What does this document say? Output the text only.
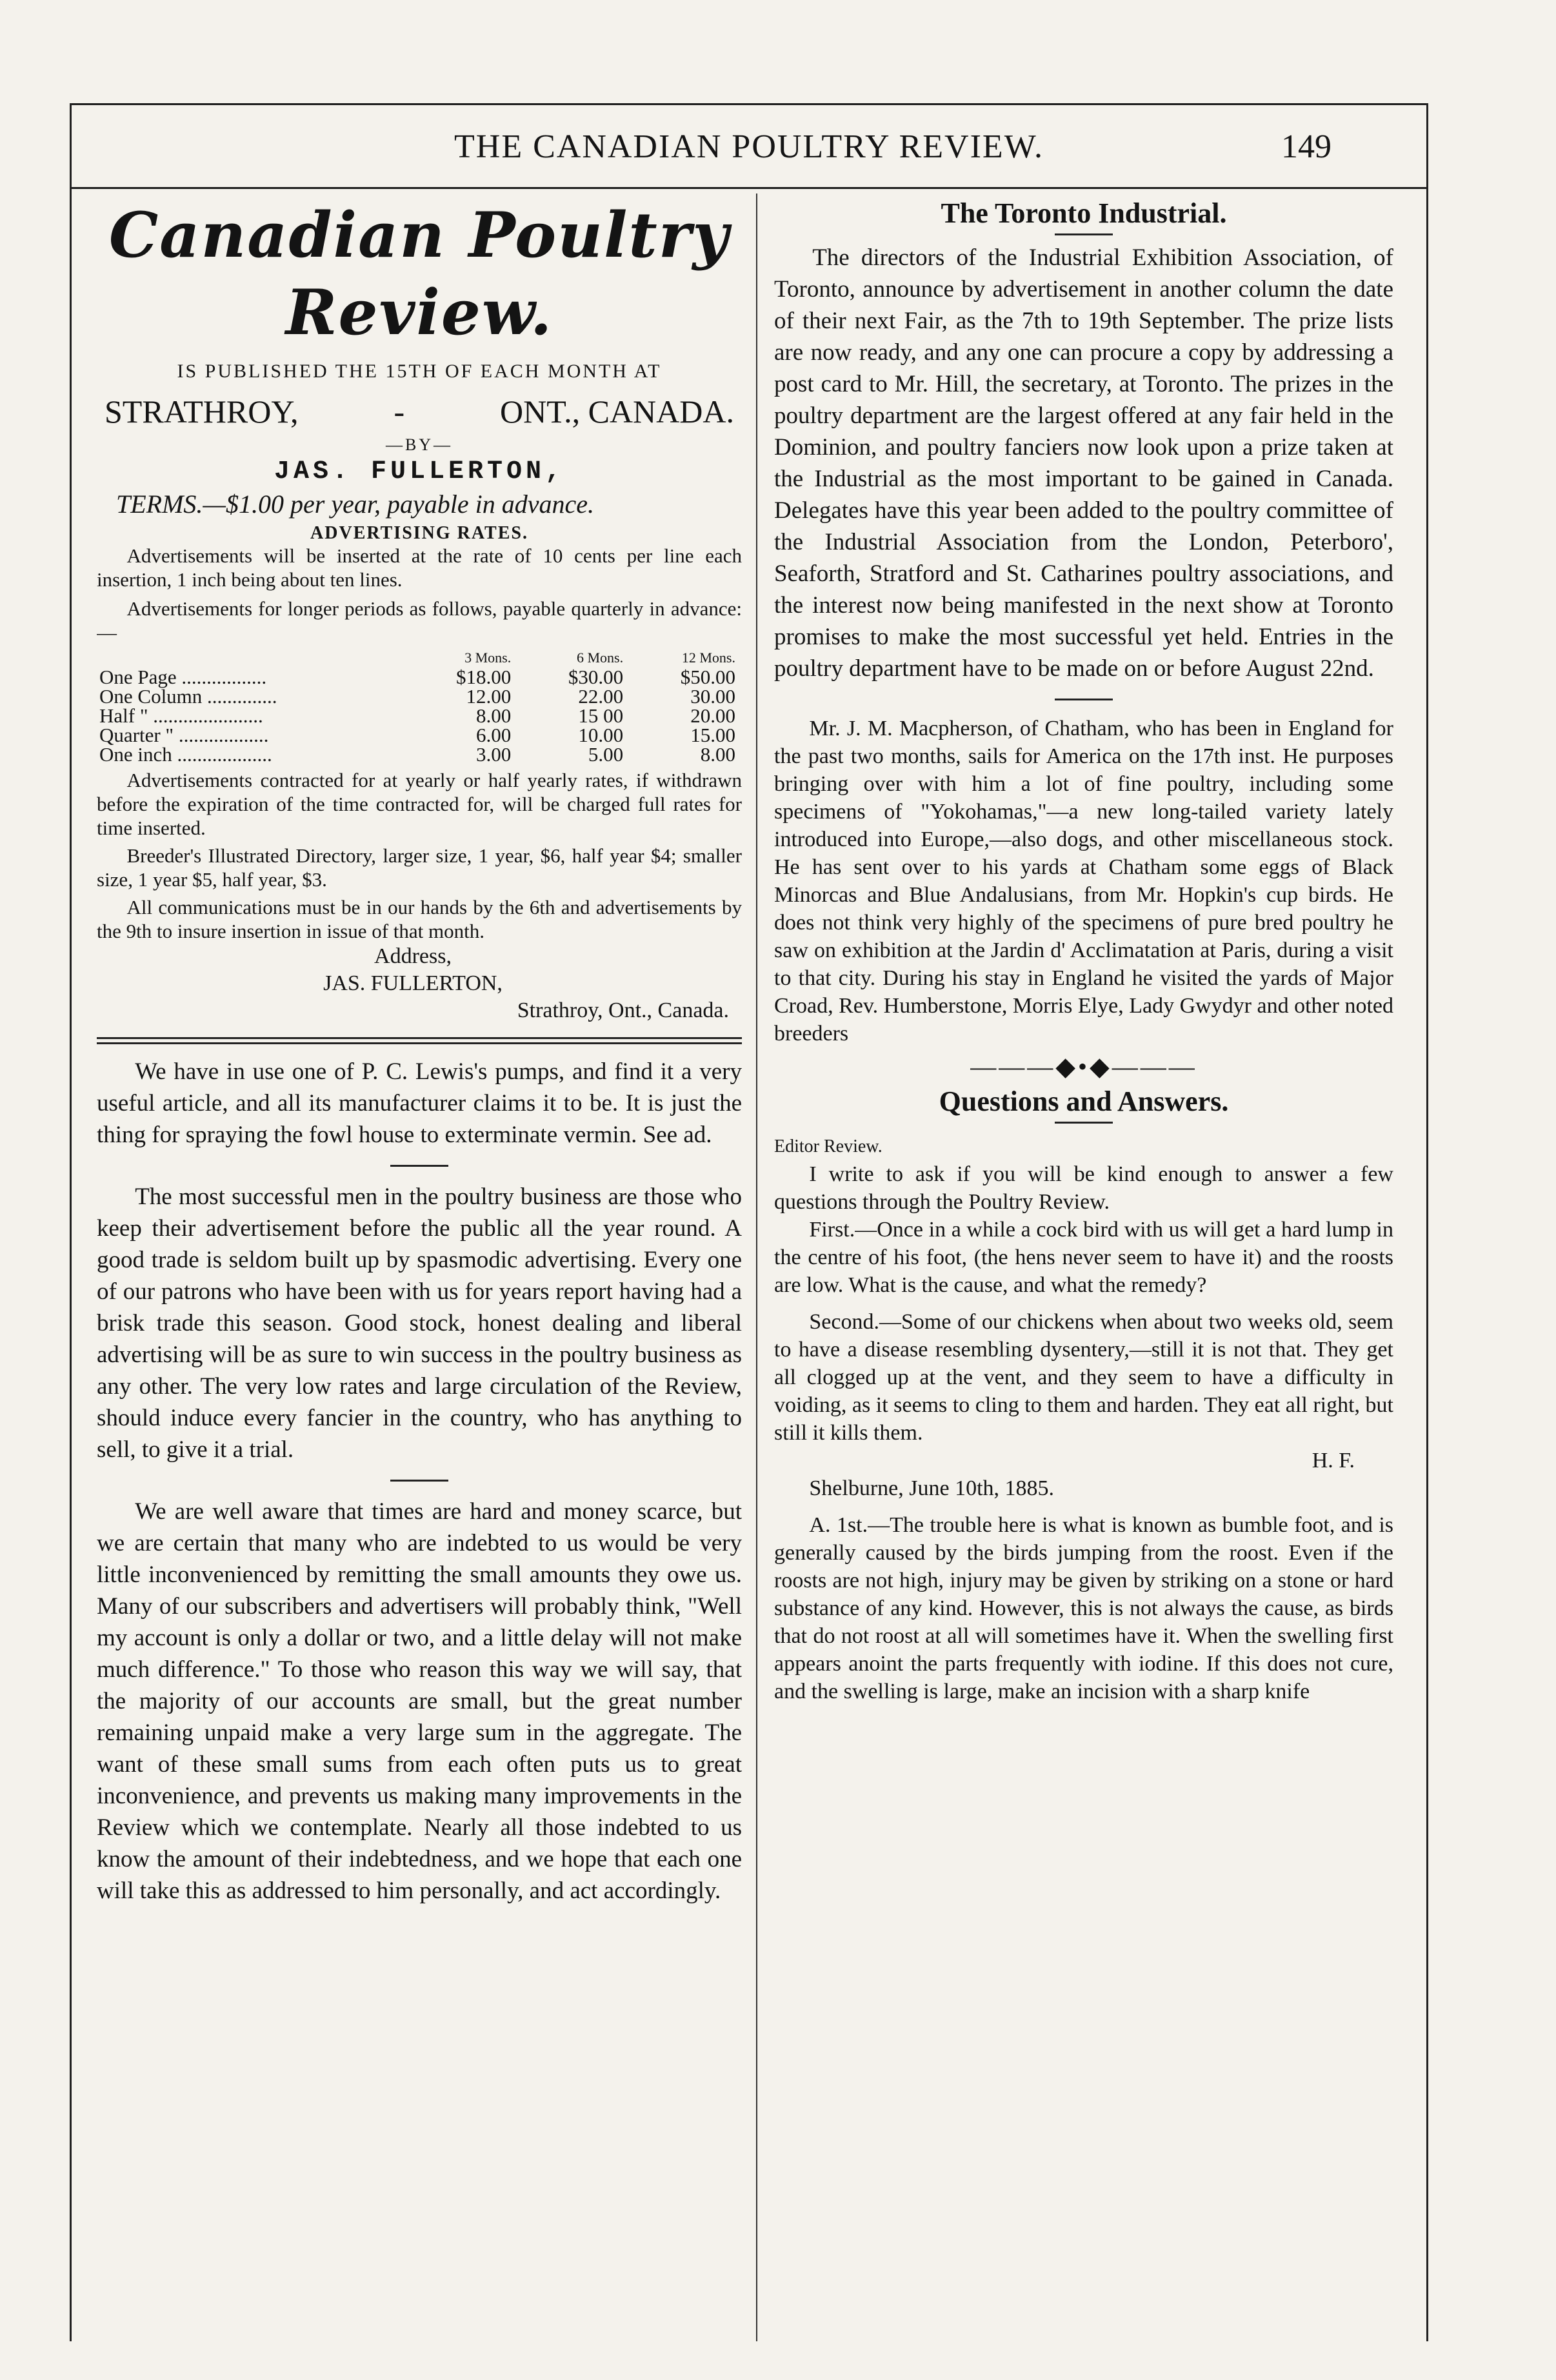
THE CANADIAN POULTRY REVIEW.	149
Canadian Poultry Review.
IS PUBLISHED THE 15TH OF EACH MONTH AT
STRATHROY,	-	ONT., CANADA.
—BY—
JAS. FULLERTON,
TERMS.—$1.00 per year, payable in advance.
ADVERTISING RATES.

Advertisements will be inserted at the rate of 10 cents per line each insertion, 1 inch being about ten lines.

Advertisements for longer periods as follows, payable quarterly in advance:—

	3 Mons.	6 Mons.	12 Mons.
One Page .................	$18.00	$30.00	$50.00
One Column ..............	12.00	22.00	30.00
Half " ......................	8.00	15 00	20.00
Quarter " ..................	6.00	10.00	15.00
One inch ...................	3.00	5.00	8.00

Advertisements contracted for at yearly or half yearly rates, if withdrawn before the expiration of the time contracted for, will be charged full rates for time inserted.

Breeder's Illustrated Directory, larger size, 1 year, $6, half year $4; smaller size, 1 year $5, half year, $3.

All communications must be in our hands by the 6th and advertisements by the 9th to insure insertion in issue of that month.

Address,
JAS. FULLERTON,
Strathroy, Ont., Canada.

We have in use one of P. C. Lewis's pumps, and find it a very useful article, and all its manufacturer claims it to be. It is just the thing for spraying the fowl house to exterminate vermin. See ad.

The most successful men in the poultry business are those who keep their advertisement before the public all the year round. A good trade is seldom built up by spasmodic advertising. Every one of our patrons who have been with us for years report having had a brisk trade this season. Good stock, honest dealing and liberal advertising will be as sure to win success in the poultry business as any other. The very low rates and large circulation of the Review, should induce every fancier in the country, who has anything to sell, to give it a trial.

We are well aware that times are hard and money scarce, but we are certain that many who are indebted to us would be very little inconvenienced by remitting the small amounts they owe us. Many of our subscribers and advertisers will probably think, "Well my account is only a dollar or two, and a little delay will not make much difference." To those who reason this way we will say, that the majority of our accounts are small, but the great number remaining unpaid make a very large sum in the aggregate. The want of these small sums from each often puts us to great inconvenience, and prevents us making many improvements in the Review which we contemplate. Nearly all those indebted to us know the amount of their indebtedness, and we hope that each one will take this as addressed to him personally, and act accordingly.

The Toronto Industrial.

The directors of the Industrial Exhibition Association, of Toronto, announce by advertisement in another column the date of their next Fair, as the 7th to 19th September. The prize lists are now ready, and any one can procure a copy by addressing a post card to Mr. Hill, the secretary, at Toronto. The prizes in the poultry department are the largest offered at any fair held in the Dominion, and poultry fanciers now look upon a prize taken at the Industrial as the most important to be gained in Canada. Delegates have this year been added to the poultry committee of the Industrial Association from the London, Peterboro', Seaforth, Stratford and St. Catharines poultry associations, and the interest now being manifested in the next show at Toronto promises to make the most successful yet held. Entries in the poultry department have to be made on or before August 22nd.

Mr. J. M. Macpherson, of Chatham, who has been in England for the past two months, sails for America on the 17th inst. He purposes bringing over with him a lot of fine poultry, including some specimens of "Yokohamas,"—a new long-tailed variety lately introduced into Europe,—also dogs, and other miscellaneous stock. He has sent over to his yards at Chatham some eggs of Black Minorcas and Blue Andalusians, from Mr. Hopkin's cup birds. He does not think very highly of the specimens of pure bred poultry he saw on exhibition at the Jardin d' Acclimatation at Paris, during a visit to that city. During his stay in England he visited the yards of Major Croad, Rev. Humberstone, Morris Elye, Lady Gwydyr and other noted breeders

———◆•◆———
Questions and Answers.

Editor Review.

I write to ask if you will be kind enough to answer a few questions through the Poultry Review.

First.—Once in a while a cock bird with us will get a hard lump in the centre of his foot, (the hens never seem to have it) and the roosts are low. What is the cause, and what the remedy?

Second.—Some of our chickens when about two weeks old, seem to have a disease resembling dysentery,—still it is not that. They get all clogged up at the vent, and they seem to have a difficulty in voiding, as it seems to cling to them and harden. They eat all right, but still it kills them.

H. F.

Shelburne, June 10th, 1885.

A. 1st.—The trouble here is what is known as bumble foot, and is generally caused by the birds jumping from the roost. Even if the roosts are not high, injury may be given by striking on a stone or hard substance of any kind. However, this is not always the cause, as birds that do not roost at all will sometimes have it. When the swelling first appears anoint the parts frequently with iodine. If this does not cure, and the swelling is large, make an incision with a sharp knife
